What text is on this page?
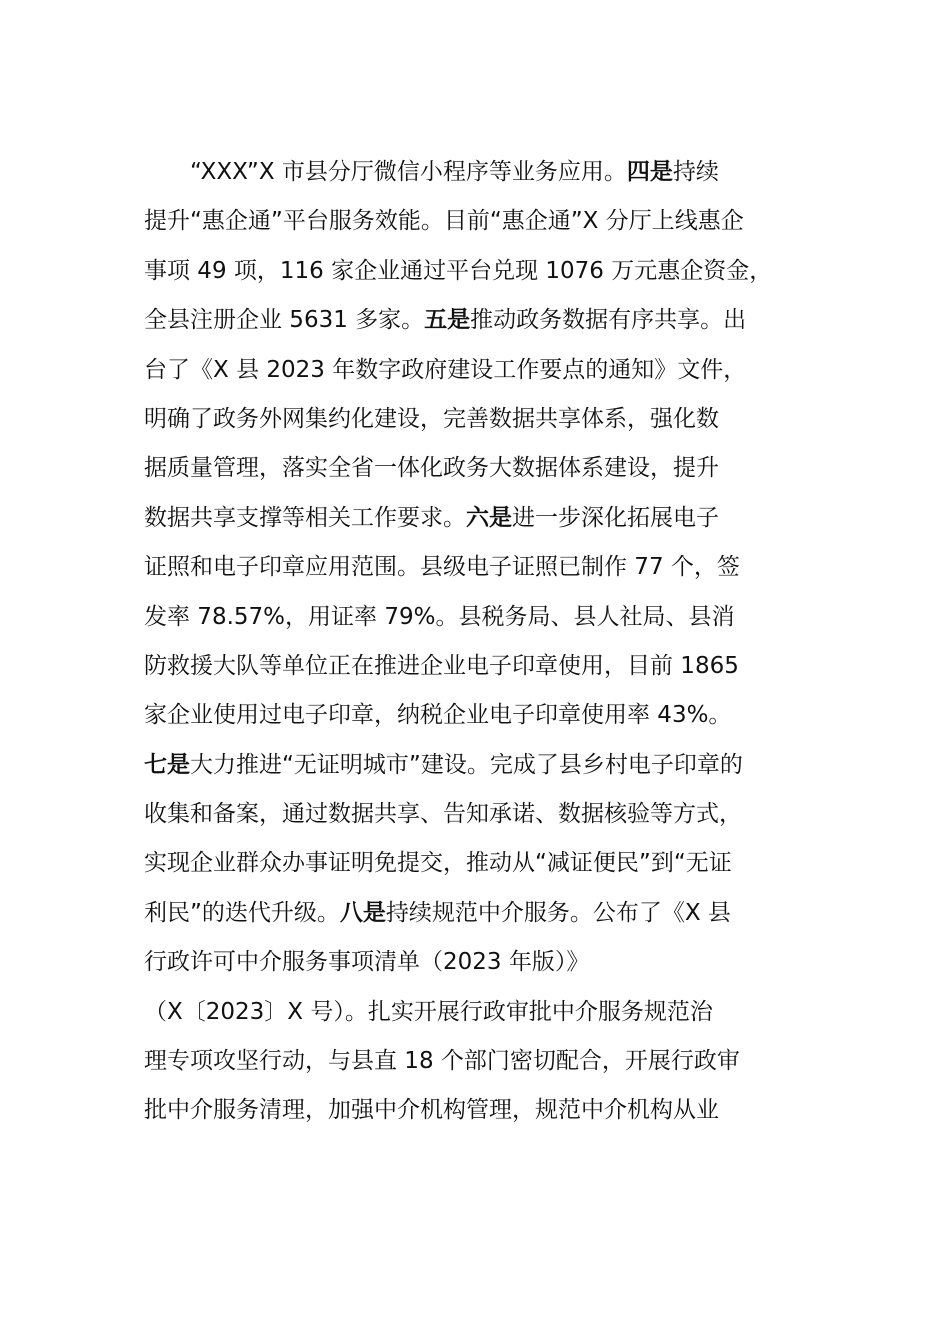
“XXX”X 市县分厅微信小程序等业务应用。四是持续
提升“惠企通”平台服务效能。目前“惠企通”X 分厅上线惠企
事项 49 项，116 家企业通过平台兑现 1076 万元惠企资金，
全县注册企业 5631 多家。五是推动政务数据有序共享。出
台了《X 县 2023 年数字政府建设工作要点的通知》文件，
明确了政务外网集约化建设，完善数据共享体系，强化数
据质量管理，落实全省一体化政务大数据体系建设，提升
数据共享支撑等相关工作要求。六是进一步深化拓展电子
证照和电子印章应用范围。县级电子证照已制作 77 个，签
发率 78.57%，用证率 79%。县税务局、县人社局、县消
防救援大队等单位正在推进企业电子印章使用，目前 1865
家企业使用过电子印章，纳税企业电子印章使用率 43%。
七是大力推进“无证明城市”建设。完成了县乡村电子印章的
收集和备案，通过数据共享、告知承诺、数据核验等方式，
实现企业群众办事证明免提交，推动从“减证便民”到“无证
利民”的迭代升级。八是持续规范中介服务。公布了《X 县
行政许可中介服务事项清单（2023 年版）》
（X〔2023〕X 号）。扎实开展行政审批中介服务规范治
理专项攻坚行动，与县直 18 个部门密切配合，开展行政审
批中介服务清理，加强中介机构管理，规范中介机构从业
